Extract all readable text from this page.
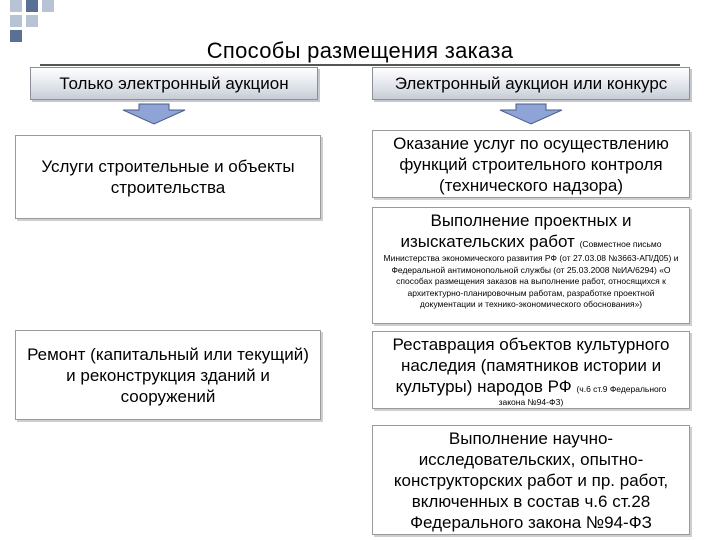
Способы размещения заказа
Только электронный аукцион	Электронный аукцион или конкурс
Услуги строительные и объекты строительства
Ремонт (капитальный или текущий) и реконструкция зданий и сооружений
Оказание услуг по осуществлению функций строительного контроля (технического надзора)
Выполнение проектных и изыскательских работ (Совместное письмо
Министерства экономического развития РФ (от 27.03.08 №3663-АП/Д05) и Федеральной антимонопольной службы (от 25.03.2008 №ИА/6294) «О способах размещения заказов на выполнение работ, относящихся к архитектурно-планировочным работам, разработке проектной документации и технико-экономического обоснования»)
Реставрация объектов культурного наследия (памятников истории и культуры) народов РФ (ч.6 ст.9 Федерального
закона №94-ФЗ)
Выполнение научно-исследовательских, опытно-конструкторских работ и пр. работ, включенных в состав ч.6 ст.28 Федерального закона №94-ФЗ
